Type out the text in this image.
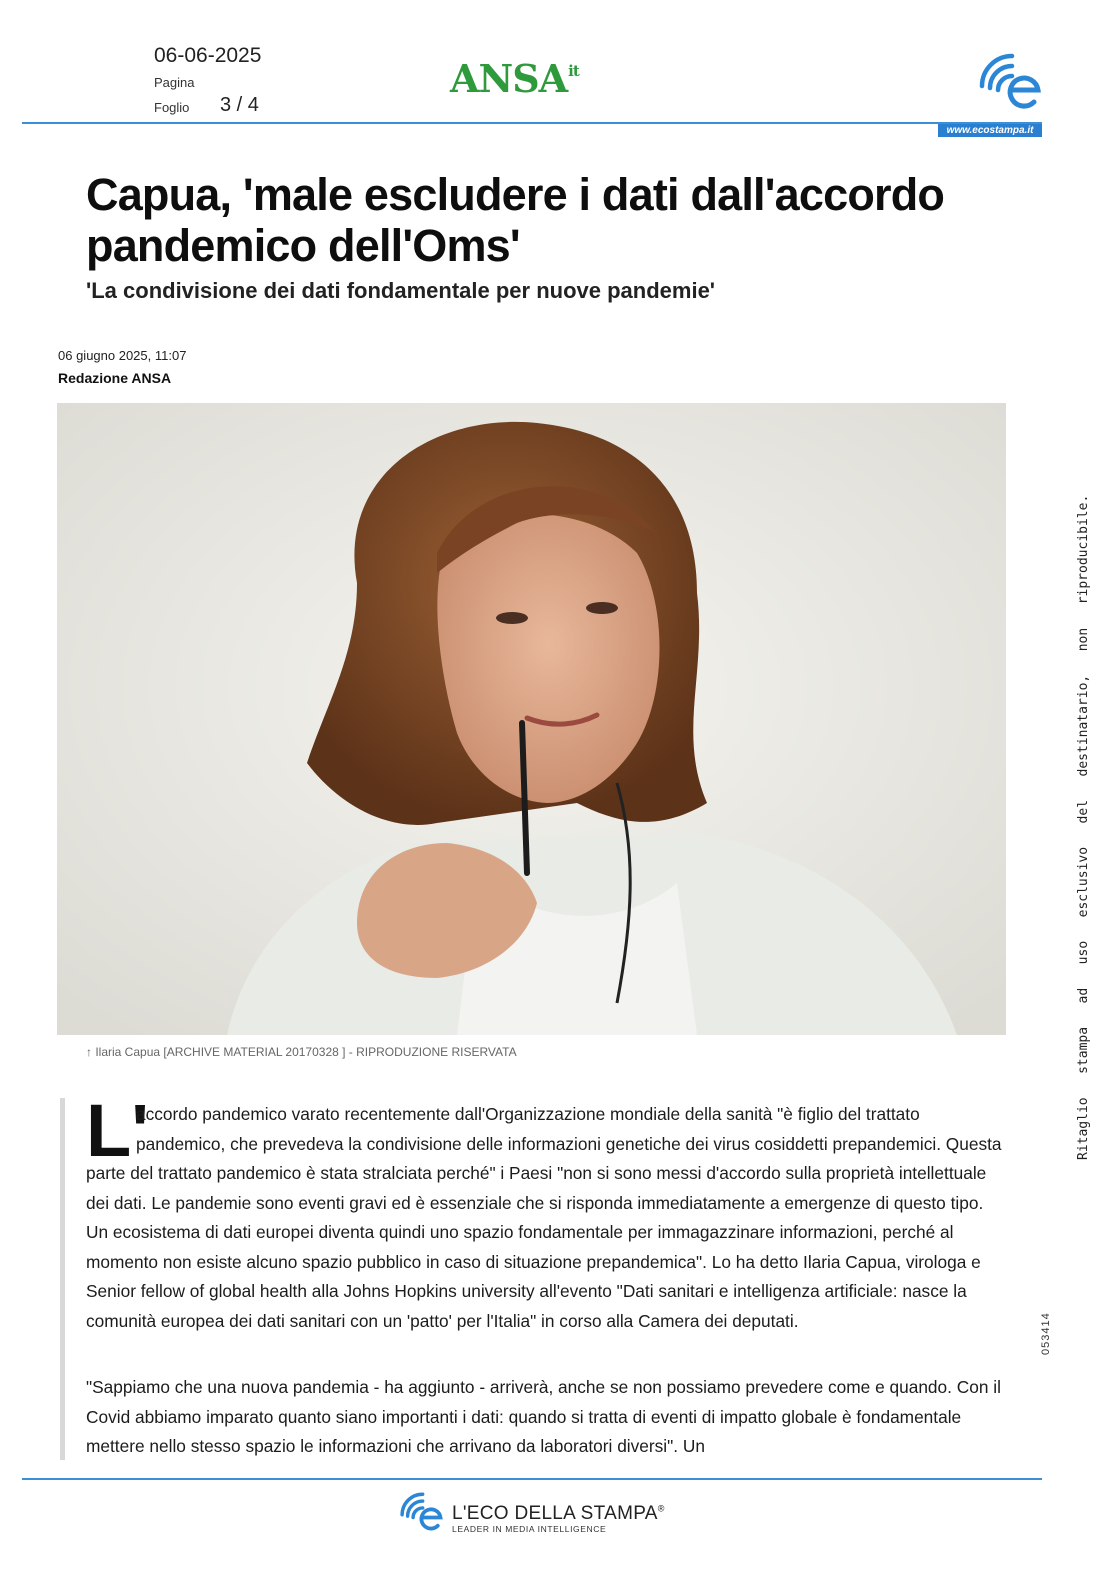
06-06-2025
Pagina
Foglio 3 / 4
$ANSA^{it}$
www.ecostampa.it
Capua, 'male escludere i dati dall'accordo pandemico dell'Oms'
'La condivisione dei dati fondamentale per nuove pandemie'
06 giugno 2025, 11:07
Redazione ANSA
↑ Ilaria Capua [ARCHIVE MATERIAL 20170328 ] - RIPRODUZIONE RISERVATA
L'
accordo pandemico varato recentemente dall'Organizzazione mondiale della sanità "è figlio del trattato pandemico, che prevedeva la condivisione delle informazioni genetiche dei virus cosiddetti prepandemici. Questa parte del trattato pandemico è stata stralciata perché" i Paesi "non si sono messi d'accordo sulla proprietà intellettuale dei dati. Le pandemie sono eventi gravi ed è essenziale che si risponda immediatamente a emergenze di questo tipo. Un ecosistema di dati europei diventa quindi uno spazio fondamentale per immagazzinare informazioni, perché al momento non esiste alcuno spazio pubblico in caso di situazione prepandemica". Lo ha detto Ilaria Capua, virologa e Senior fellow of global health alla Johns Hopkins university all'evento "Dati sanitari e intelligenza artificiale: nasce la comunità europea dei dati sanitari con un 'patto' per l'Italia" in corso alla Camera dei deputati.
"Sappiamo che una nuova pandemia - ha aggiunto - arriverà, anche se non possiamo prevedere come e quando. Con il Covid abbiamo imparato quanto siano importanti i dati: quando si tratta di eventi di impatto globale è fondamentale mettere nello stesso spazio le informazioni che arrivano da laboratori diversi". Un
Ritaglio   stampa   ad   uso   esclusivo   del   destinatario,   non   riproducibile.
053414
L'ECO DELLA STAMPA®
LEADER IN MEDIA INTELLIGENCE
